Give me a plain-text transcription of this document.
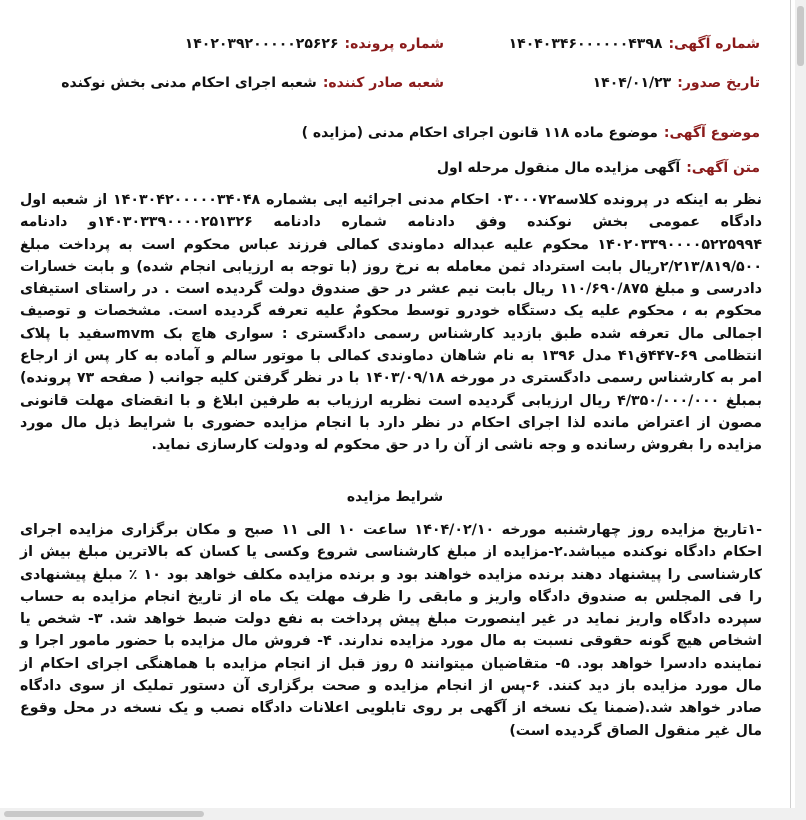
شماره آگهی:
۱۴۰۴۰۳۴۶۰۰۰۰۰۰۴۳۹۸
شماره پرونده:
۱۴۰۲۰۳۹۲۰۰۰۰۰۲۵۶۲۶
تاریخ صدور:
۱۴۰۴/۰۱/۲۳
شعبه صادر کننده:
شعبه اجرای احکام مدنی بخش نوکنده
موضوع آگهی:
موضوع ماده ۱۱۸ قانون اجرای احکام مدنی (مزایده )
متن آگهی:
آگهی مزایده مال منقول مرحله اول
نظر به اینکه در پرونده کلاسه۰۳۰۰۰۷۲ احکام مدنی اجرائیه ایی بشماره ۱۴۰۳۰۴۲۰۰۰۰۰۳۴۰۴۸ از شعبه اول دادگاه عمومی بخش نوکنده وفق دادنامه شماره دادنامه ۱۴۰۳۰۳۳۹۰۰۰۰۲۵۱۳۲۶و دادنامه ۱۴۰۲۰۳۳۹۰۰۰۰۵۲۲۵۹۹۴ محکوم علیه عبداله دماوندی کمالی فرزند عباس محکوم است به پرداخت مبلغ ۲/۲۱۳/۸۱۹/۵۰۰ریال بابت استرداد ثمن معامله به نرخ روز (با توجه به ارزیابی انجام شده) و بابت خسارات دادرسی و مبلغ ۱۱۰/۶۹۰/۸۷۵ ریال بابت نیم عشر در حق صندوق دولت گردیده است . در راستای استیفای محکوم به ، محکوم علیه یک دستگاه خودرو توسط محکومٌ علیه تعرفه گردیده است. مشخصات و توصیف اجمالی مال تعرفه شده طبق بازدید کارشناس رسمی دادگستری : سواری هاچ بک mvmسفید با پلاک انتظامی ۶۹-۴۴۷ق۴۱ مدل ۱۳۹۶ به نام شاهان دماوندی کمالی با موتور سالم و آماده به کار پس از ارجاع امر به کارشناس رسمی دادگستری در مورخه ۱۴۰۳/۰۹/۱۸ با در نظر گرفتن کلیه جوانب ( صفحه ۷۳ پرونده) بمبلغ ۴/۳۵۰/۰۰۰/۰۰۰ ریال ارزیابی گردیده است نظریه ارزیاب به طرفین ابلاغ و با انقضای مهلت قانونی مصون از اعتراض مانده لذا اجرای احکام در نظر دارد با انجام مزایده حضوری با شرایط ذیل مال مورد مزایده را بفروش رسانده و وجه ناشی از آن را در حق محکوم له ودولت کارسازی نماید.
شرایط مزایده
-۱تاریخ مزایده روز چهارشنبه مورخه ۱۴۰۴/۰۲/۱۰ ساعت ۱۰ الی ۱۱ صبح و مکان برگزاری مزایده اجرای احکام دادگاه نوکنده میباشد.۲-مزایده از مبلغ کارشناسی شروع وکسی یا کسان که بالاترین مبلغ بیش از کارشناسی را پیشنهاد دهند برنده مزایده خواهند بود و برنده مزایده مکلف خواهد بود ۱۰ ٪ مبلغ پیشنهادی را فی المجلس به صندوق دادگاه واریز و مابقی را ظرف مهلت یک ماه از تاریخ انجام مزایده به حساب سپرده دادگاه واریز نماید در غیر اینصورت مبلغ پیش پرداخت به نفع دولت ضبط خواهد شد. ۳- شخص یا اشخاص هیچ گونه حقوقی نسبت به مال مورد مزایده ندارند. ۴- فروش مال مزایده با حضور مامور اجرا و نماینده دادسرا خواهد بود. ۵- متقاضیان میتوانند ۵ روز قبل از انجام مزایده با هماهنگی اجرای احکام از مال مورد مزایده باز دید کنند. ۶-پس از انجام مزایده و صحت برگزاری آن دستور تملیک از سوی دادگاه صادر خواهد شد.(ضمنا یک نسخه از آگهی بر روی تابلویی اعلانات دادگاه نصب و یک نسخه در محل وقوع مال غیر منقول الصاق گردیده است)
